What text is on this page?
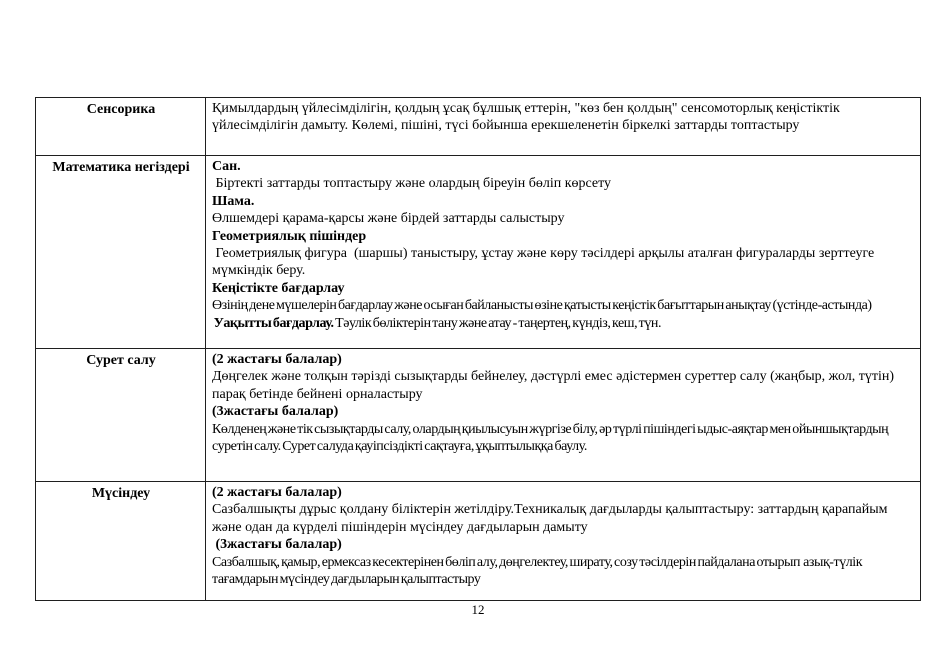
Сенсорика	Қимылдардың үйлесімділігін, қолдың ұсақ бұлшық еттерін, "көз бен қолдың" сенсомоторлық кеңістіктік үйлесімділігін дамыту. Көлемі, пішіні, түсі бойынша ерекшеленетін біркелкі заттарды топтастыру

Математика негіздері	Сан.
Біртекті заттарды топтастыру және олардың біреуін бөліп көрсету
Шама.
Өлшемдері қарама-қарсы және бірдей заттарды салыстыру
Геометриялық пішіндер
Геометриялық фигура  (шаршы) таныстыру, ұстау және көру тәсілдері арқылы аталған фигураларды зерттеуге мүмкіндік беру.
Кеңістікте бағдарлау
Өзінің дене мүшелерін бағдарлау және осыған байланысты өзіне қатысты кеңістік бағыттарын анықтау (үстінде-астында)
Уақытты бағдарлау. Тәулік бөліктерін тану және атау - таңертең, күндіз, кеш, түн.

Сурет салу	(2 жастағы балалар)
Дөңгелек және толқын тәрізді сызықтарды бейнелеу, дәстүрлі емес әдістермен суреттер салу (жаңбыр, жол, түтін) парақ бетінде бейнені орналастыру
(3жастағы балалар)
Көлденең және тік сызықтарды салу, олардың қиылысуын жүргізе білу, әр түрлі пішіндегі ыдыс-аяқтар мен ойыншықтардың  суретін салу. Сурет салуда қауіпсіздікті сақтауға, ұқыптылыққа баулу.

Мүсіндеу	(2 жастағы балалар)
Сазбалшықты дұрыс қолдану біліктерін жетілдіру.Техникалық дағдыларды қалыптастыру: заттардың қарапайым және одан да күрделі пішіндерін мүсіндеу дағдыларын дамыту
(3жастағы балалар)
Сазбалшық, қамыр, ермексаз кесектерінен бөліп алу, дөңгелектеу, ширату, созу тәсілдерін пайдалана отырып  азық-түлік тағамдарын мүсіндеу дағдыларын қалыптастыру
12
